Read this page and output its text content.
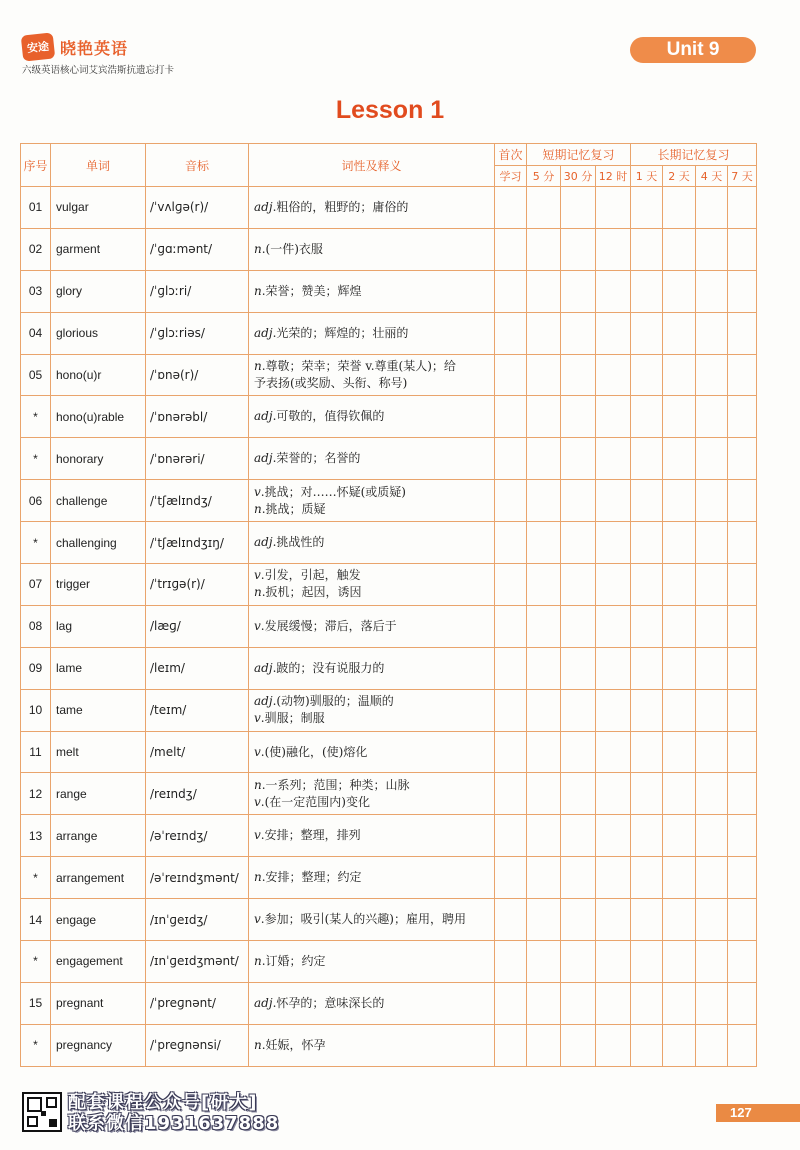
安途 晓艳英语
六级英语核心词艾宾浩斯抗遗忘打卡
Unit 9
Lesson 1
序号	单词	音标	词性及释义	首次	短期记忆复习			长期记忆复习			
				学习	5 分	30 分	12 时	1 天	2 天	4 天	7 天
01	vulgar	/ˈvʌlɡə(r)/	adj.粗俗的，粗野的；庸俗的								

02	garment	/ˈɡɑːmənt/	n.(一件)衣服								

03	glory	/ˈɡlɔːri/	n.荣誉；赞美；辉煌								

04	glorious	/ˈɡlɔːriəs/	adj.光荣的；辉煌的；壮丽的								

05	hono(u)r	/ˈɒnə(r)/	n.尊敬；荣幸；荣誉 v.尊重(某人)；给
予表扬(或奖励、头衔、称号)								

*	hono(u)rable	/ˈɒnərəbl/	adj.可敬的，值得钦佩的								

*	honorary	/ˈɒnərəri/	adj.荣誉的；名誉的								

06	challenge	/ˈtʃælɪndʒ/	v.挑战；对……怀疑(或质疑)
n.挑战；质疑								

*	challenging	/ˈtʃælɪndʒɪŋ/	adj.挑战性的								

07	trigger	/ˈtrɪɡə(r)/	v.引发，引起，触发
n.扳机；起因，诱因								

08	lag	/læɡ/	v.发展缓慢；滞后，落后于								

09	lame	/leɪm/	adj.跛的；没有说服力的								

10	tame	/teɪm/	adj.(动物)驯服的；温顺的
v.驯服；制服								

11	melt	/melt/	v.(使)融化，(使)熔化								

12	range	/reɪndʒ/	n.一系列；范围；种类；山脉
v.(在一定范围内)变化								

13	arrange	/əˈreɪndʒ/	v.安排；整理，排列								

*	arrangement	/əˈreɪndʒmənt/	n.安排；整理；约定								

14	engage	/ɪnˈɡeɪdʒ/	v.参加；吸引(某人的兴趣)；雇用，聘用								

*	engagement	/ɪnˈɡeɪdʒmənt/	n.订婚；约定								

15	pregnant	/ˈpreɡnənt/	adj.怀孕的；意味深长的								

*	pregnancy	/ˈpreɡnənsi/	n.妊娠，怀孕								

配套课程公众号[研大]
联系微信1931637888
127
